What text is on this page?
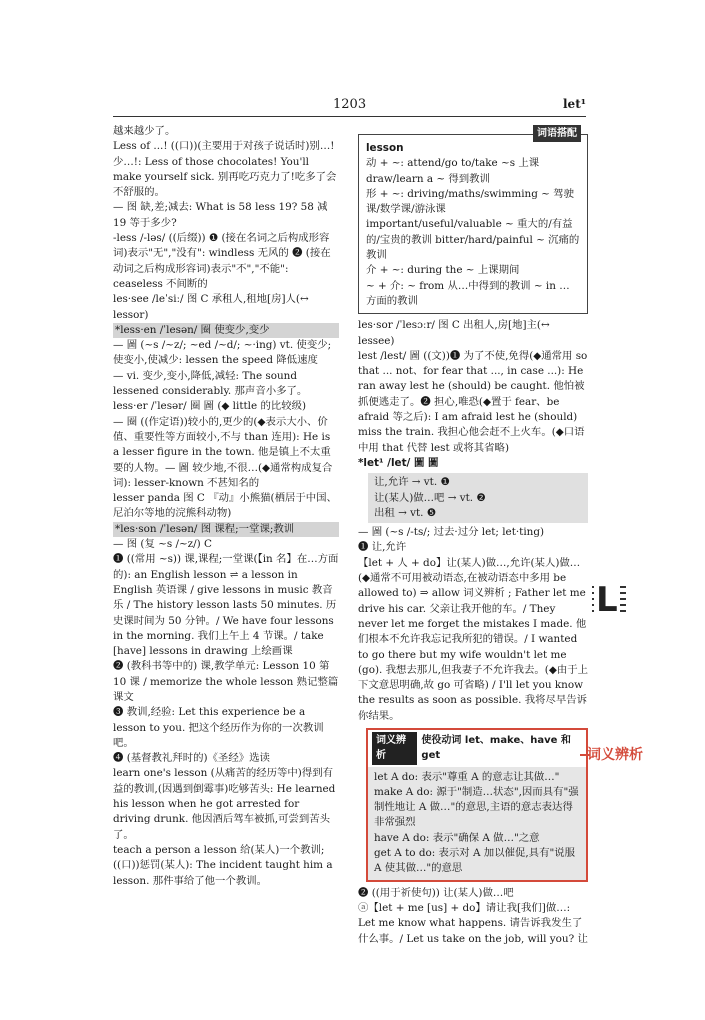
1203	let¹

越来越少了。

Less of ...! ((口))(主要用于对孩子说话时)别…!少…!: Less of those chocolates! You'll make yourself sick. 别再吃巧克力了!吃多了会不舒服的。

— 图 缺,差;减去: What is 58 less 19? 58 减 19 等于多少?

-less /-ləs/ ((后缀)) ❶ (接在名词之后构成形容词)表示"无","没有": windless 无风的 ❷ (接在动词之后构成形容词)表示"不","不能": ceaseless 不间断的

les·see /leˈsiː/ 图 C 承租人,租地[房]人(↔ lessor)

*less·en /ˈlesən/ 圈 使变少,变少

— 圖 (~s /~z/; ~ed /~d/; ~·ing) vt. 使变少; 使变小,使减少: lessen the speed 降低速度

— vi. 变少,变小,降低,减轻: The sound lessened considerably. 那声音小多了。

less·er /ˈlesər/ 圈 圖 (◆ little 的比较级)

— 圈 ((作定语))较小的,更少的(◆表示大小、价值、重要性等方面较小,不与 than 连用): He is a lesser figure in the town. 他是镇上不太重要的人物。— 圖 较少地,不很…(◆通常构成复合词): lesser-known 不甚知名的

lesser panda 图 C 『动』小熊猫(栖居于中国、尼泊尔等地的浣熊科动物)

*les·son /ˈlesən/ 图 课程;一堂课;教训

— 图 (复 ~s /~z/) C

❶ ((常用 ~s)) 课,课程;一堂课(【in 名】在…方面的): an English lesson ⇌ a lesson in English 英语课 / give lessons in music 教音乐 / The history lesson lasts 50 minutes. 历史课时间为 50 分钟。/ We have four lessons in the morning. 我们上午上 4 节课。/ take [have] lessons in drawing 上绘画课

❷ (教科书等中的) 课,教学单元: Lesson 10 第 10 课 / memorize the whole lesson 熟记整篇课文

❸ 教训,经验: Let this experience be a lesson to you. 把这个经历作为你的一次教训吧。

❹ (基督教礼拜时的)《圣经》选读

learn one's lesson (从痛苦的经历等中)得到有益的教训,(因遇到倒霉事)吃够苦头: He learned his lesson when he got arrested for driving drunk. 他因酒后驾车被抓,可尝到苦头了。

teach a person a lesson 给(某人)一个教训;((口))惩罚(某人): The incident taught him a lesson. 那件事给了他一个教训。

词语搭配

lesson

动 + ~: attend/go to/take ~s 上课 draw/learn a ~ 得到教训

形 + ~: driving/maths/swimming ~ 驾驶课/数学课/游泳课 important/useful/valuable ~ 重大的/有益的/宝贵的教训 bitter/hard/painful ~ 沉痛的教训

介 + ~: during the ~ 上课期间

~ + 介: ~ from 从…中得到的教训 ~ in … 方面的教训

les·sor /ˈlesɔːr/ 图 C 出租人,房[地]主(↔ lessee)

lest /lest/ 圖 ((文))❶ 为了不使,免得(◆通常用 so that ... not、for fear that ..., in case ...): He ran away lest he (should) be caught. 他怕被抓便逃走了。❷ 担心,唯恐(◆置于 fear、be afraid 等之后): I am afraid lest he (should) miss the train. 我担心他会赶不上火车。(◆口语中用 that 代替 lest 或将其省略)

*let¹ /let/ 圖 圖

让,允许 → vt. ❶

让(某人)做…吧 → vt. ❷

出租 → vt. ❺

— 圖 (~s /-ts/; 过去·过分 let; let·ting)

❶ 让,允许

【let + 人 + do】让(某人)做…,允许(某人)做…(◆通常不可用被动语态,在被动语态中多用 be allowed to) ⇒ allow 词义辨析 ; Father let me drive his car. 父亲让我开他的车。/ They never let me forget the mistakes I made. 他们根本不允许我忘记我所犯的错误。/ I wanted to go there but my wife wouldn't let me (go). 我想去那儿,但我妻子不允许我去。(◆由于上下文意思明确,故 go 可省略) / I'll let you know the results as soon as possible. 我将尽早告诉你结果。

词义辨析
使役动词 let、make、have 和 get

let A do: 表示"尊重 A 的意志让其做…"

make A do: 源于"制造…状态",因而具有"强制性地让 A 做…"的意思,主语的意志表达得非常强烈

have A do: 表示"确保 A 做…"之意

get A to do: 表示对 A 加以催促,具有"说服 A 使其做…"的意思

❷ ((用于祈使句)) 让(某人)做…吧

ⓐ【let + me [us] + do】请让我[我们]做…: Let me know what happens. 请告诉我发生了什么事。/ Let us take on the job, will you? 让

L
词义辨析
